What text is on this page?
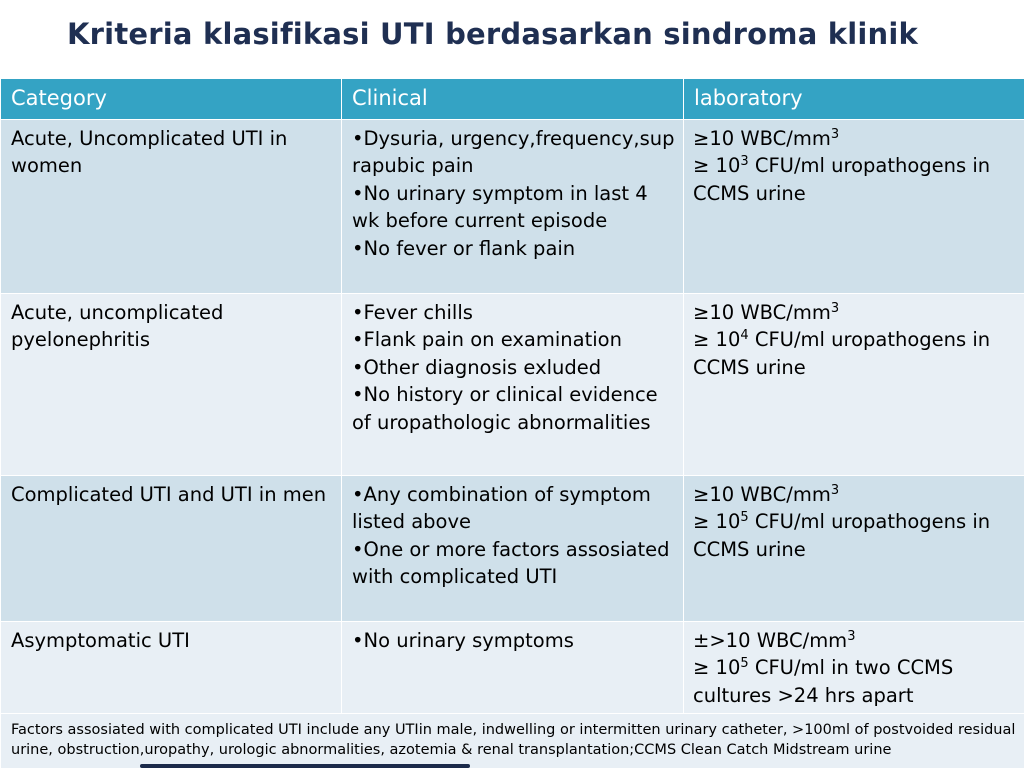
Kriteria klasifikasi UTI berdasarkan sindroma klinik
Category	Clinical	laboratory
Acute, Uncomplicated UTI in women	•Dysuria, urgency,frequency,suprapubic pain
•No urinary symptom in last 4 wk before current episode
•No fever or flank pain	≥10 WBC/$mm^3$
≥ $10^3$ CFU/ml uropathogens in CCMS urine

Acute, uncomplicated pyelonephritis	•Fever chills
•Flank pain on examination
•Other diagnosis exluded
•No history or clinical evidence of uropathologic abnormalities	≥10 WBC/$mm^3$
≥ $10^4$ CFU/ml uropathogens in CCMS urine

Complicated UTI and UTI in men	•Any combination of symptom listed above
•One or more factors assosiated with complicated UTI	≥10 WBC/$mm^3$
≥ $10^5$ CFU/ml uropathogens in CCMS urine

Asymptomatic UTI	•No urinary symptoms	±>10 WBC/$mm^3$
≥ $10^5$ CFU/ml in two CCMS cultures >24 hrs apart

Factors assosiated with complicated UTI include any UTIin male, indwelling or intermitten urinary catheter, >100ml of postvoided residual urine, obstruction,uropathy, urologic abnormalities, azotemia & renal transplantation;CCMS Clean Catch Midstream urine		
